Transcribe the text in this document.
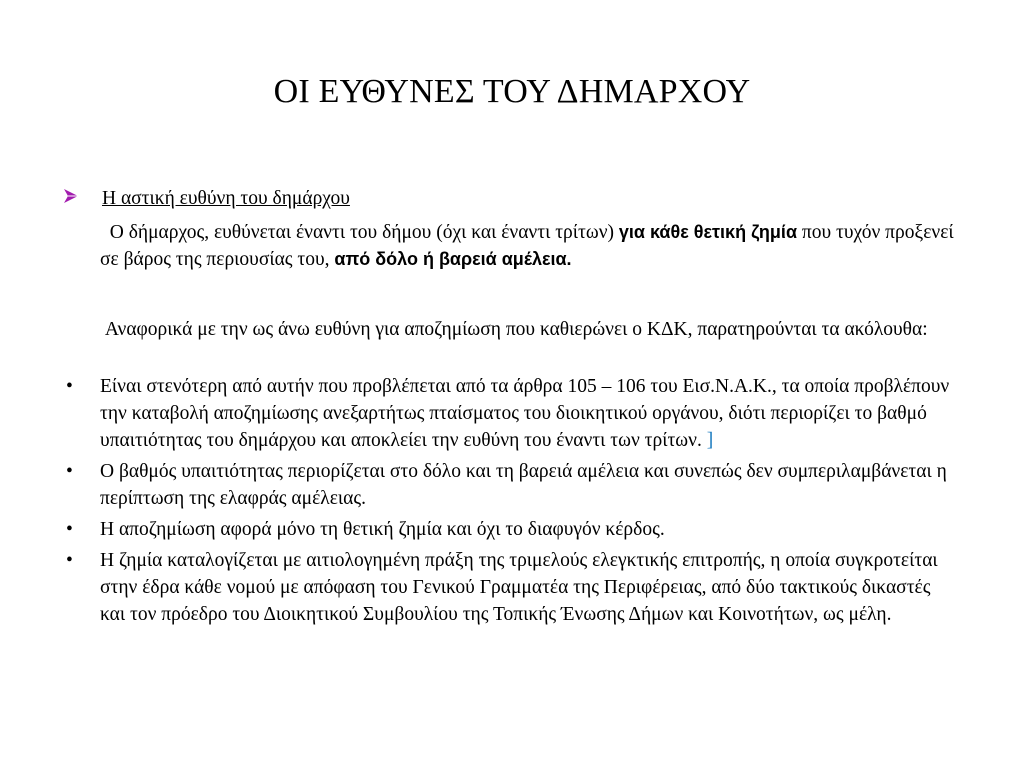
ΟΙ ΕΥΘΥΝΕΣ ΤΟΥ ΔΗΜΑΡΧΟΥ
Η αστική ευθύνη του δημάρχου
Ο δήμαρχος, ευθύνεται έναντι του δήμου (όχι και έναντι τρίτων) για κάθε θετική ζημία που τυχόν προξενεί σε βάρος της περιουσίας του, από δόλο ή βαρειά αμέλεια.
Αναφορικά με την ως άνω ευθύνη για αποζημίωση που καθιερώνει ο ΚΔΚ, παρατηρούνται τα ακόλουθα:
• Είναι στενότερη από αυτήν που προβλέπεται από τα άρθρα 105 – 106 του Εισ.Ν.Α.Κ., τα οποία προβλέπουν την καταβολή αποζημίωσης ανεξαρτήτως πταίσματος του διοικητικού οργάνου, διότι περιορίζει το βαθμό υπαιτιότητας του δημάρχου και αποκλείει την ευθύνη του έναντι των τρίτων. ]
• Ο βαθμός υπαιτιότητας περιορίζεται στο δόλο και τη βαρειά αμέλεια και συνεπώς δεν συμπεριλαμβάνεται η περίπτωση της ελαφράς αμέλειας.
• Η αποζημίωση αφορά μόνο τη θετική ζημία και όχι το διαφυγόν κέρδος.
• Η ζημία καταλογίζεται με αιτιολογημένη πράξη της τριμελούς ελεγκτικής επιτροπής, η οποία συγκροτείται στην έδρα κάθε νομού με απόφαση του Γενικού Γραμματέα της Περιφέρειας, από δύο τακτικούς δικαστές και τον πρόεδρο του Διοικητικού Συμβουλίου της Τοπικής Ένωσης Δήμων και Κοινοτήτων, ως μέλη.
